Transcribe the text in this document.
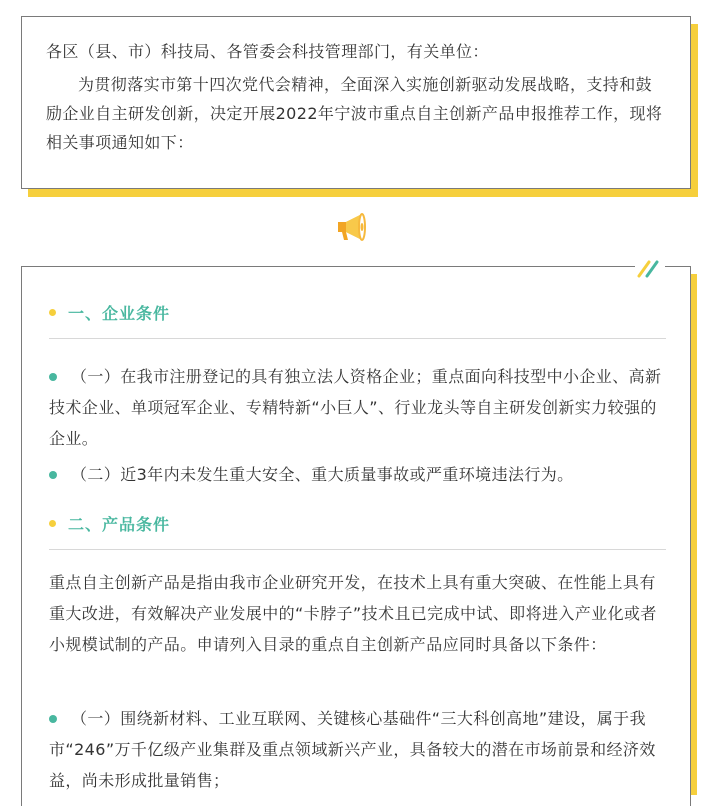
各区（县、市）科技局、各管委会科技管理部门，有关单位：

为贯彻落实市第十四次党代会精神，全面深入实施创新驱动发展战略，支持和鼓励企业自主研发创新，决定开展2022年宁波市重点自主创新产品申报推荐工作，现将相关事项通知如下：

一、企业条件
（一）在我市注册登记的具有独立法人资格企业；重点面向科技型中小企业、高新技术企业、单项冠军企业、专精特新“小巨人”、行业龙头等自主研发创新实力较强的企业。
（二）近3年内未发生重大安全、重大质量事故或严重环境违法行为。
二、产品条件
重点自主创新产品是指由我市企业研究开发，在技术上具有重大突破、在性能上具有重大改进，有效解决产业发展中的“卡脖子”技术且已完成中试、即将进入产业化或者小规模试制的产品。申请列入目录的重点自主创新产品应同时具备以下条件：
（一）围绕新材料、工业互联网、关键核心基础件“三大科创高地”建设，属于我市“246”万千亿级产业集群及重点领域新兴产业，具备较大的潜在市场前景和经济效益，尚未形成批量销售；
